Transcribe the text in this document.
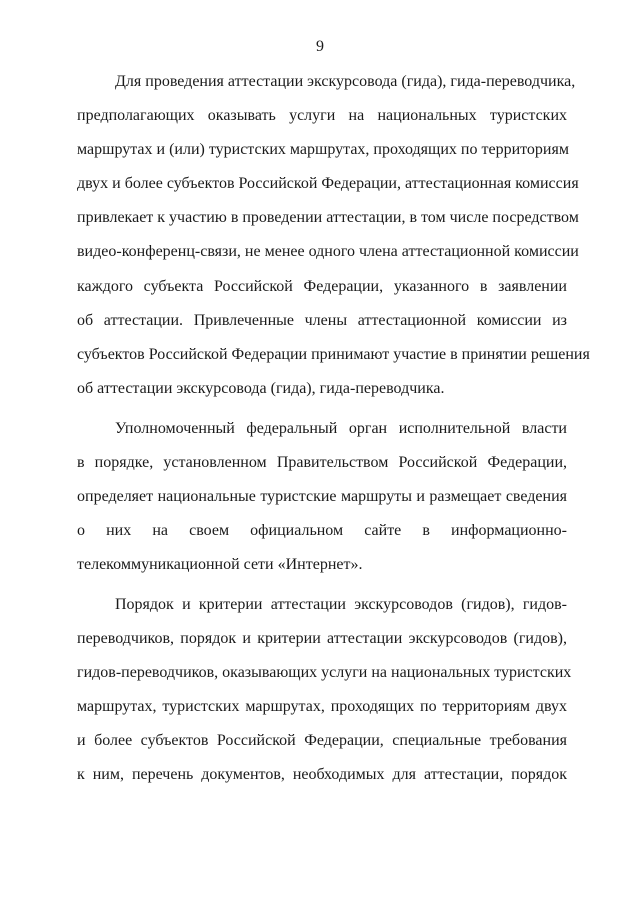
9
Для проведения аттестации экскурсовода (гида), гида-переводчика,
предполагающих оказывать услуги на национальных туристских
маршрутах и (или) туристских маршрутах, проходящих по территориям
двух и более субъектов Российской Федерации, аттестационная комиссия
привлекает к участию в проведении аттестации, в том числе посредством
видео-конференц-связи, не менее одного члена аттестационной комиссии
каждого субъекта Российской Федерации, указанного в заявлении
об аттестации. Привлеченные члены аттестационной комиссии из
субъектов Российской Федерации принимают участие в принятии решения
об аттестации экскурсовода (гида), гида-переводчика.
Уполномоченный федеральный орган исполнительной власти
в порядке, установленном Правительством Российской Федерации,
определяет национальные туристские маршруты и размещает сведения
о них на своем официальном сайте в информационно-
телекоммуникационной сети «Интернет».
Порядок и критерии аттестации экскурсоводов (гидов), гидов-
переводчиков, порядок и критерии аттестации экскурсоводов (гидов),
гидов-переводчиков, оказывающих услуги на национальных туристских
маршрутах, туристских маршрутах, проходящих по территориям двух
и более субъектов Российской Федерации, специальные требования
к ним, перечень документов, необходимых для аттестации, порядок
